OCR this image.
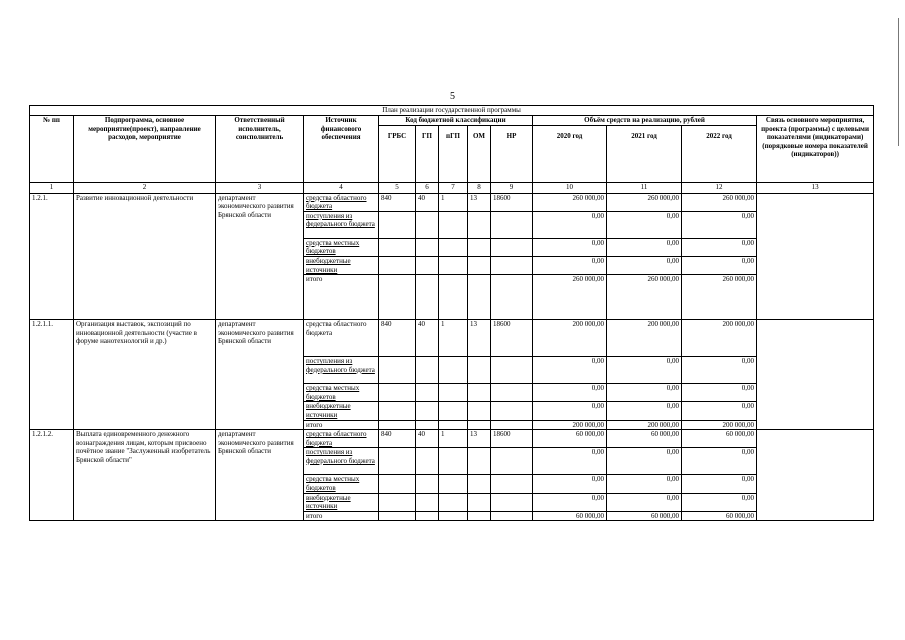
5
План реализации государственной программы												
№ пп	Подпрограмма, основное мероприятие(проект), направление расходов, мероприятие	Ответственный исполнитель, соисполнитель	Источник финансового обеспечения	Код бюджетной классификации					Объём средств на реализацию, рублей			Связь основного мероприятия, проекта (программы) с целевыми показателями (индикаторами) (порядковые номера показателей (индикаторов))
				ГРБС	ГП	пГП	ОМ	НР	2020 год	2021 год	2022 год	
1	2	3	4	5	6	7	8	9	10	11	12	13
1.2.1.	Развитие инновационной деятельности	департамент экономического развития Брянской области	средства областного бюджета	840	40	1	13	18600	260 000,00	260 000,00	260 000,00	
			поступления из федерального бюджета						0,00	0,00	0,00	
			средства местных бюджетов						0,00	0,00	0,00	
			внебюджетные источники						0,00	0,00	0,00	
			итого						260 000,00	260 000,00	260 000,00	
1.2.1.1.	Организация выставок, экспозиций по инновационной деятельности (участие в форуме нанотехнологий и др.)	департамент экономического развития Брянской области	средства областного бюджета	840	40	1	13	18600	200 000,00	200 000,00	200 000,00	
			поступления из федерального бюджета						0,00	0,00	0,00	
			средства местных бюджетов						0,00	0,00	0,00	
			внебюджетные источники						0,00	0,00	0,00	
			итого						200 000,00	200 000,00	200 000,00	
1.2.1.2.	Выплата единовременного денежного вознаграждения лицам, которым присвоено почётное звание "Заслуженный изобретатель Брянской области"	департамент экономического развития Брянской области	средства областного бюджета	840	40	1	13	18600	60 000,00	60 000,00	60 000,00	
			поступления из федерального бюджета						0,00	0,00	0,00	
			средства местных бюджетов						0,00	0,00	0,00	
			внебюджетные источники						0,00	0,00	0,00	
			итого						60 000,00	60 000,00	60 000,00	
